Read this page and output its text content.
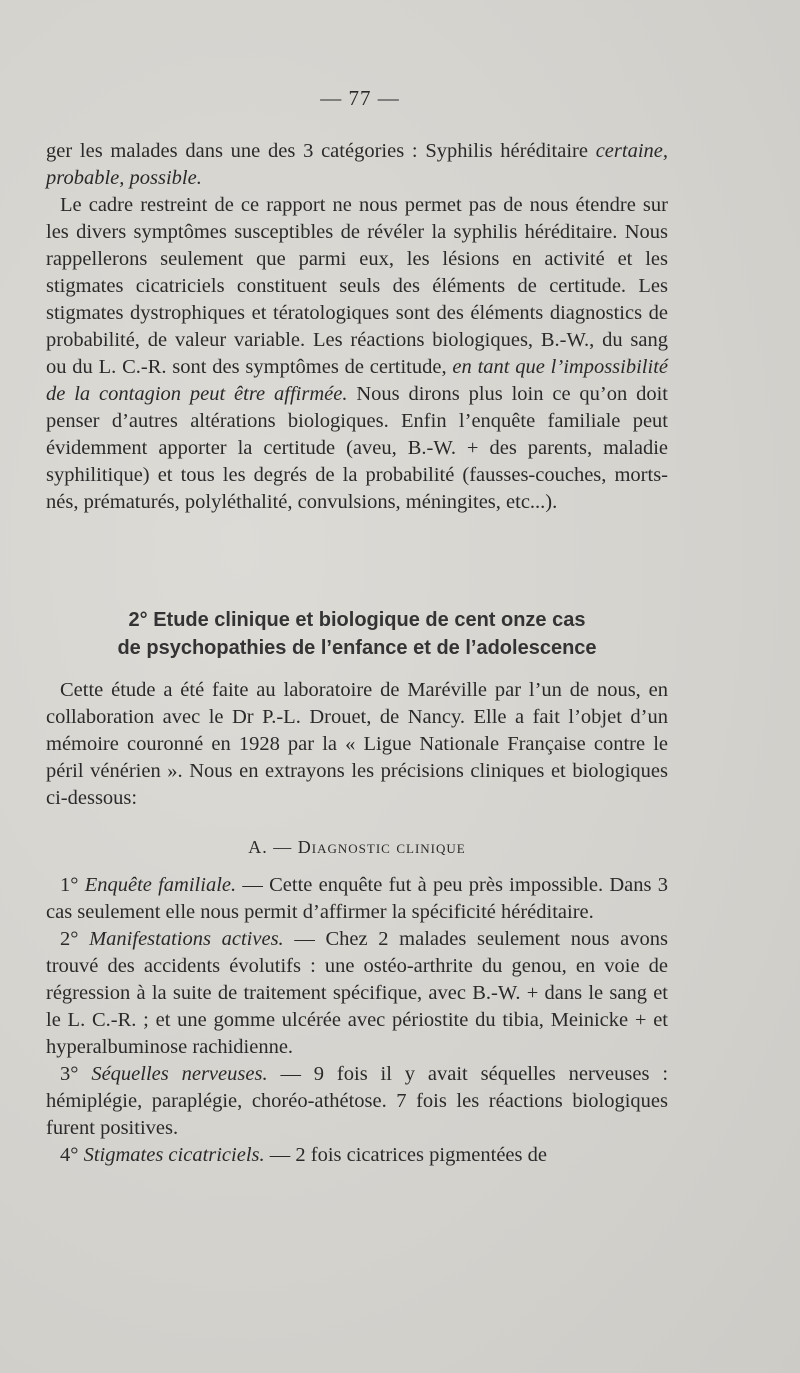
— 77 —

ger les malades dans une des 3 catégories : Syphilis héréditaire certaine, probable, possible.

Le cadre restreint de ce rapport ne nous permet pas de nous étendre sur les divers symptômes susceptibles de révéler la syphilis héréditaire. Nous rappellerons seulement que parmi eux, les lésions en activité et les stigmates cicatriciels constituent seuls des éléments de certitude. Les stigmates dystrophiques et tératologiques sont des éléments diagnostics de probabilité, de valeur variable. Les réactions biologiques, B.-W., du sang ou du L. C.-R. sont des symptômes de certitude, en tant que l’impossibilité de la contagion peut être affirmée. Nous dirons plus loin ce qu’on doit penser d’autres altérations biologiques. Enfin l’enquête familiale peut évidemment apporter la certitude (aveu, B.-W. + des parents, maladie syphilitique) et tous les degrés de la probabilité (fausses-couches, morts-nés, prématurés, polyléthalité, convulsions, méningites, etc...).

2° Etude clinique et biologique de cent onze cas
de psychopathies de l’enfance et de l’adolescence

Cette étude a été faite au laboratoire de Maréville par l’un de nous, en collaboration avec le Dr P.-L. Drouet, de Nancy. Elle a fait l’objet d’un mémoire couronné en 1928 par la « Ligue Nationale Française contre le péril vénérien ». Nous en extrayons les précisions cliniques et biologiques ci-dessous:

A. — Diagnostic clinique

1° Enquête familiale. — Cette enquête fut à peu près impossible. Dans 3 cas seulement elle nous permit d’affirmer la spécificité héréditaire.

2° Manifestations actives. — Chez 2 malades seulement nous avons trouvé des accidents évolutifs : une ostéo-arthrite du genou, en voie de régression à la suite de traitement spécifique, avec B.-W. + dans le sang et le L. C.-R. ; et une gomme ulcérée avec périostite du tibia, Meinicke + et hyperalbuminose rachidienne.

3° Séquelles nerveuses. — 9 fois il y avait séquelles nerveuses : hémiplégie, paraplégie, choréo-athétose. 7 fois les réactions biologiques furent positives.

4° Stigmates cicatriciels. — 2 fois cicatrices pigmentées de
